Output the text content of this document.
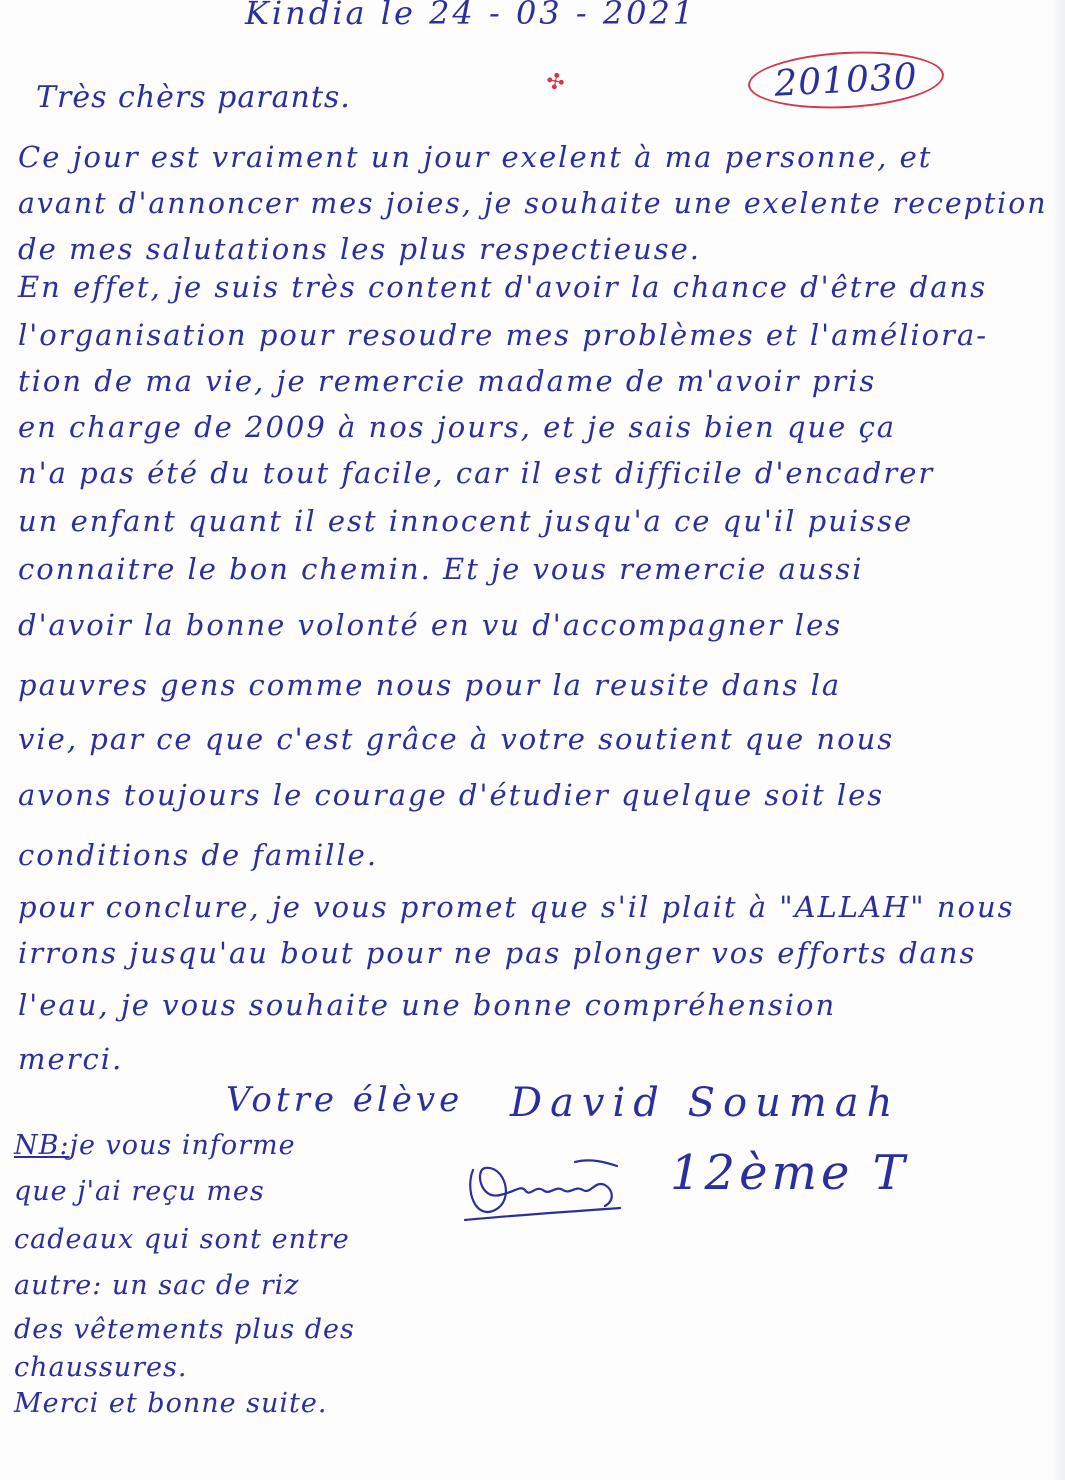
Kindia le 24 - 03 - 2021
✣	201030
Très chèrs parants.
Ce jour est vraiment un jour exelent à ma personne, et
avant d'annoncer mes joies, je souhaite une exelente reception
de mes salutations les plus respectieuse.
En effet, je suis très content d'avoir la chance d'être dans
l'organisation pour resoudre mes problèmes et l'améliora-
tion de ma vie, je remercie madame de m'avoir pris
en charge de 2009 à nos jours, et je sais bien que ça
n'a pas été du tout facile, car il est difficile d'encadrer
un enfant quant il est innocent jusqu'a ce qu'il puisse
connaitre le bon chemin. Et je vous remercie aussi
d'avoir la bonne volonté en vu d'accompagner les
pauvres gens comme nous pour la reusite dans la
vie, par ce que c'est grâce à votre soutient que nous
avons toujours le courage d'étudier quelque soit les
conditions de famille.
pour conclure, je vous promet que s'il plait à "ALLAH" nous
irrons jusqu'au bout pour ne pas plonger vos efforts dans
l'eau, je vous souhaite une bonne compréhension
merci.
Votre élève David Soumah
12ème T
NB:je vous informe
que j'ai reçu mes
cadeaux qui sont entre
autre: un sac de riz
des vêtements plus des
chaussures.
Merci et bonne suite.
